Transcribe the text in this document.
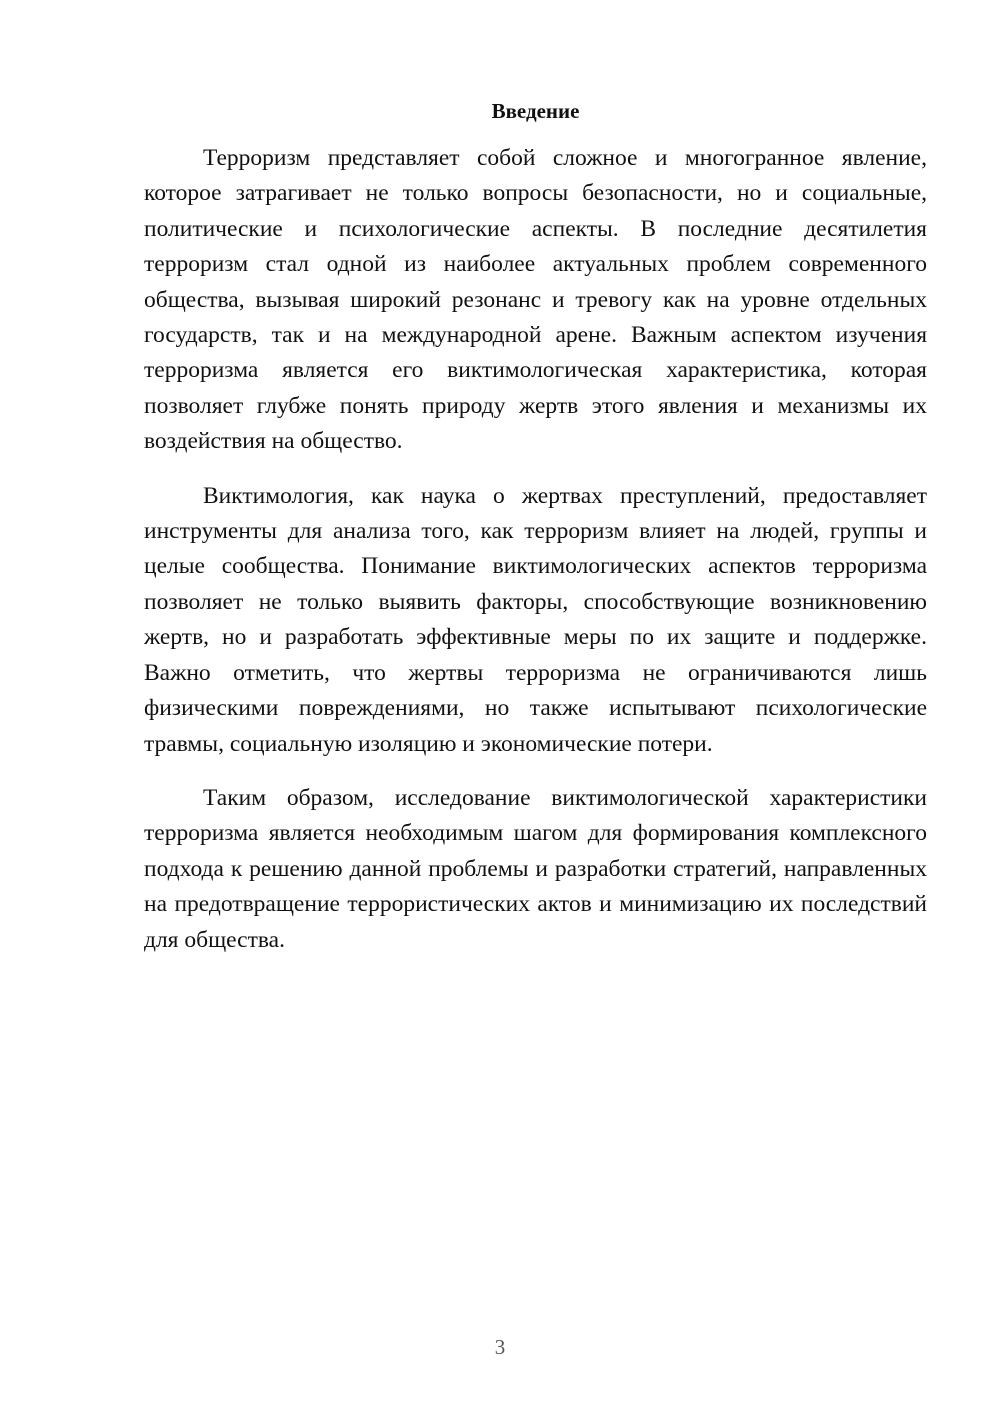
Введение

Терроризм представляет собой сложное и многогранное явление, которое затрагивает не только вопросы безопасности, но и социальные, политические и психологические аспекты. В последние десятилетия терроризм стал одной из наиболее актуальных проблем современного общества, вызывая широкий резонанс и тревогу как на уровне отдельных государств, так и на международной арене. Важным аспектом изучения терроризма является его виктимологическая характеристика, которая позволяет глубже понять природу жертв этого явления и механизмы их воздействия на общество.

Виктимология, как наука о жертвах преступлений, предоставляет инструменты для анализа того, как терроризм влияет на людей, группы и целые сообщества. Понимание виктимологических аспектов терроризма позволяет не только выявить факторы, способствующие возникновению жертв, но и разработать эффективные меры по их защите и поддержке. Важно отметить, что жертвы терроризма не ограничиваются лишь физическими повреждениями, но также испытывают психологические травмы, социальную изоляцию и экономические потери.

Таким образом, исследование виктимологической характеристики терроризма является необходимым шагом для формирования комплексного подхода к решению данной проблемы и разработки стратегий, направленных на предотвращение террористических актов и минимизацию их последствий для общества.

3
